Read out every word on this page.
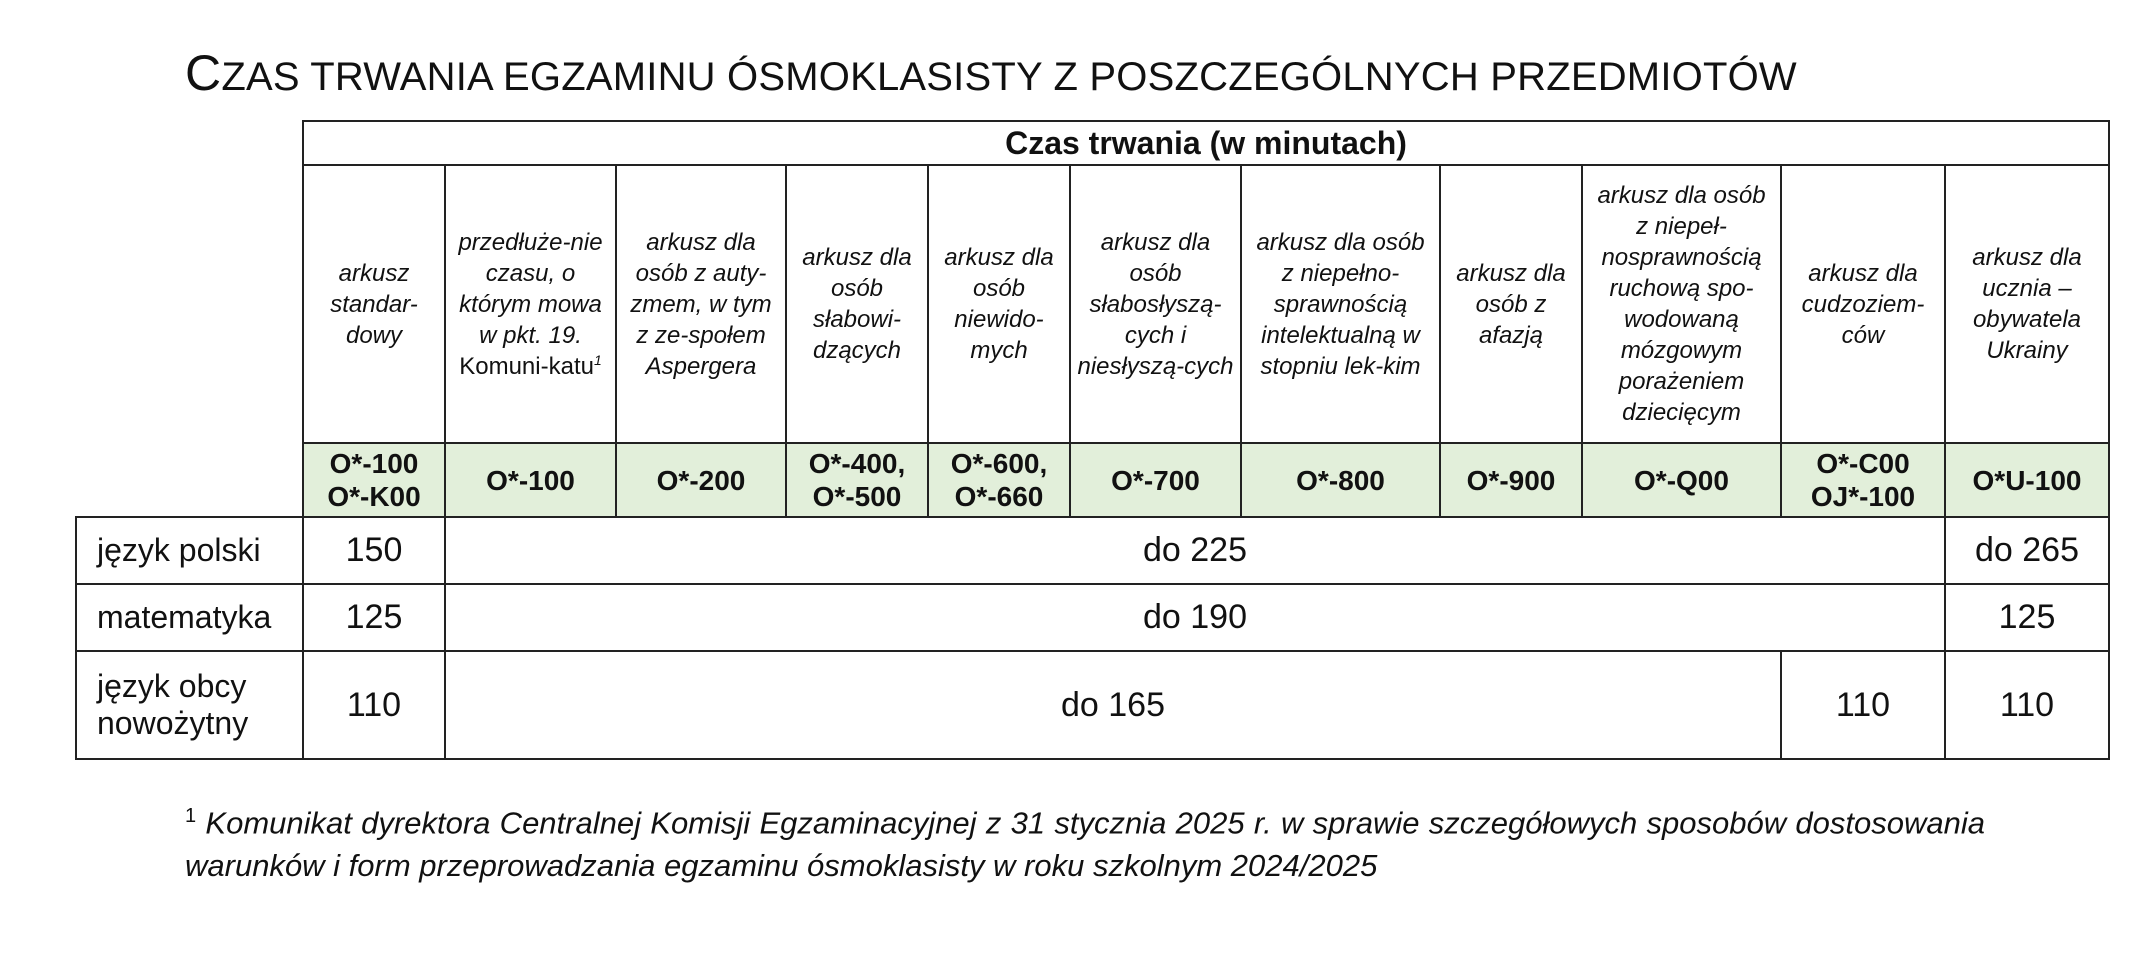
CZAS TRWANIA EGZAMINU ÓSMOKLASISTY Z POSZCZEGÓLNYCH PRZEDMIOTÓW
	Czas trwania (w minutach)										
	arkusz standar-dowy	przedłuże-nie czasu, o którym mowa w pkt. 19. Komuni-katu$^1$	arkusz dla osób z auty-zmem, w tym z ze-społem Aspergera	arkusz dla osób słabowi-dzących	arkusz dla osób niewido-mych	arkusz dla osób słabosłyszą-cych i niesłyszą-cych	arkusz dla osób z niepełno-sprawnością intelektualną w stopniu lek-kim	arkusz dla osób z afazją	arkusz dla osób z niepeł-nosprawnością ruchową spo-wodowaną mózgowym porażeniem dziecięcym	arkusz dla cudzoziem-ców	arkusz dla ucznia – obywatela Ukrainy
	O*-100 O*-K00	O*-100	O*-200	O*-400, O*-500	O*-600, O*-660	O*-700	O*-800	O*-900	O*-Q00	O*-C00 OJ*-100	O*U-100
język polski	150	do 225									do 265
matematyka	125	do 190									125
język obcy nowożytny	110	do 165								110	110
$^1$ Komunikat dyrektora Centralnej Komisji Egzaminacyjnej z 31 stycznia 2025 r. w sprawie szczegółowych sposobów dostosowania warunków i form przeprowadzania egzaminu ósmoklasisty w roku szkolnym 2024/2025
